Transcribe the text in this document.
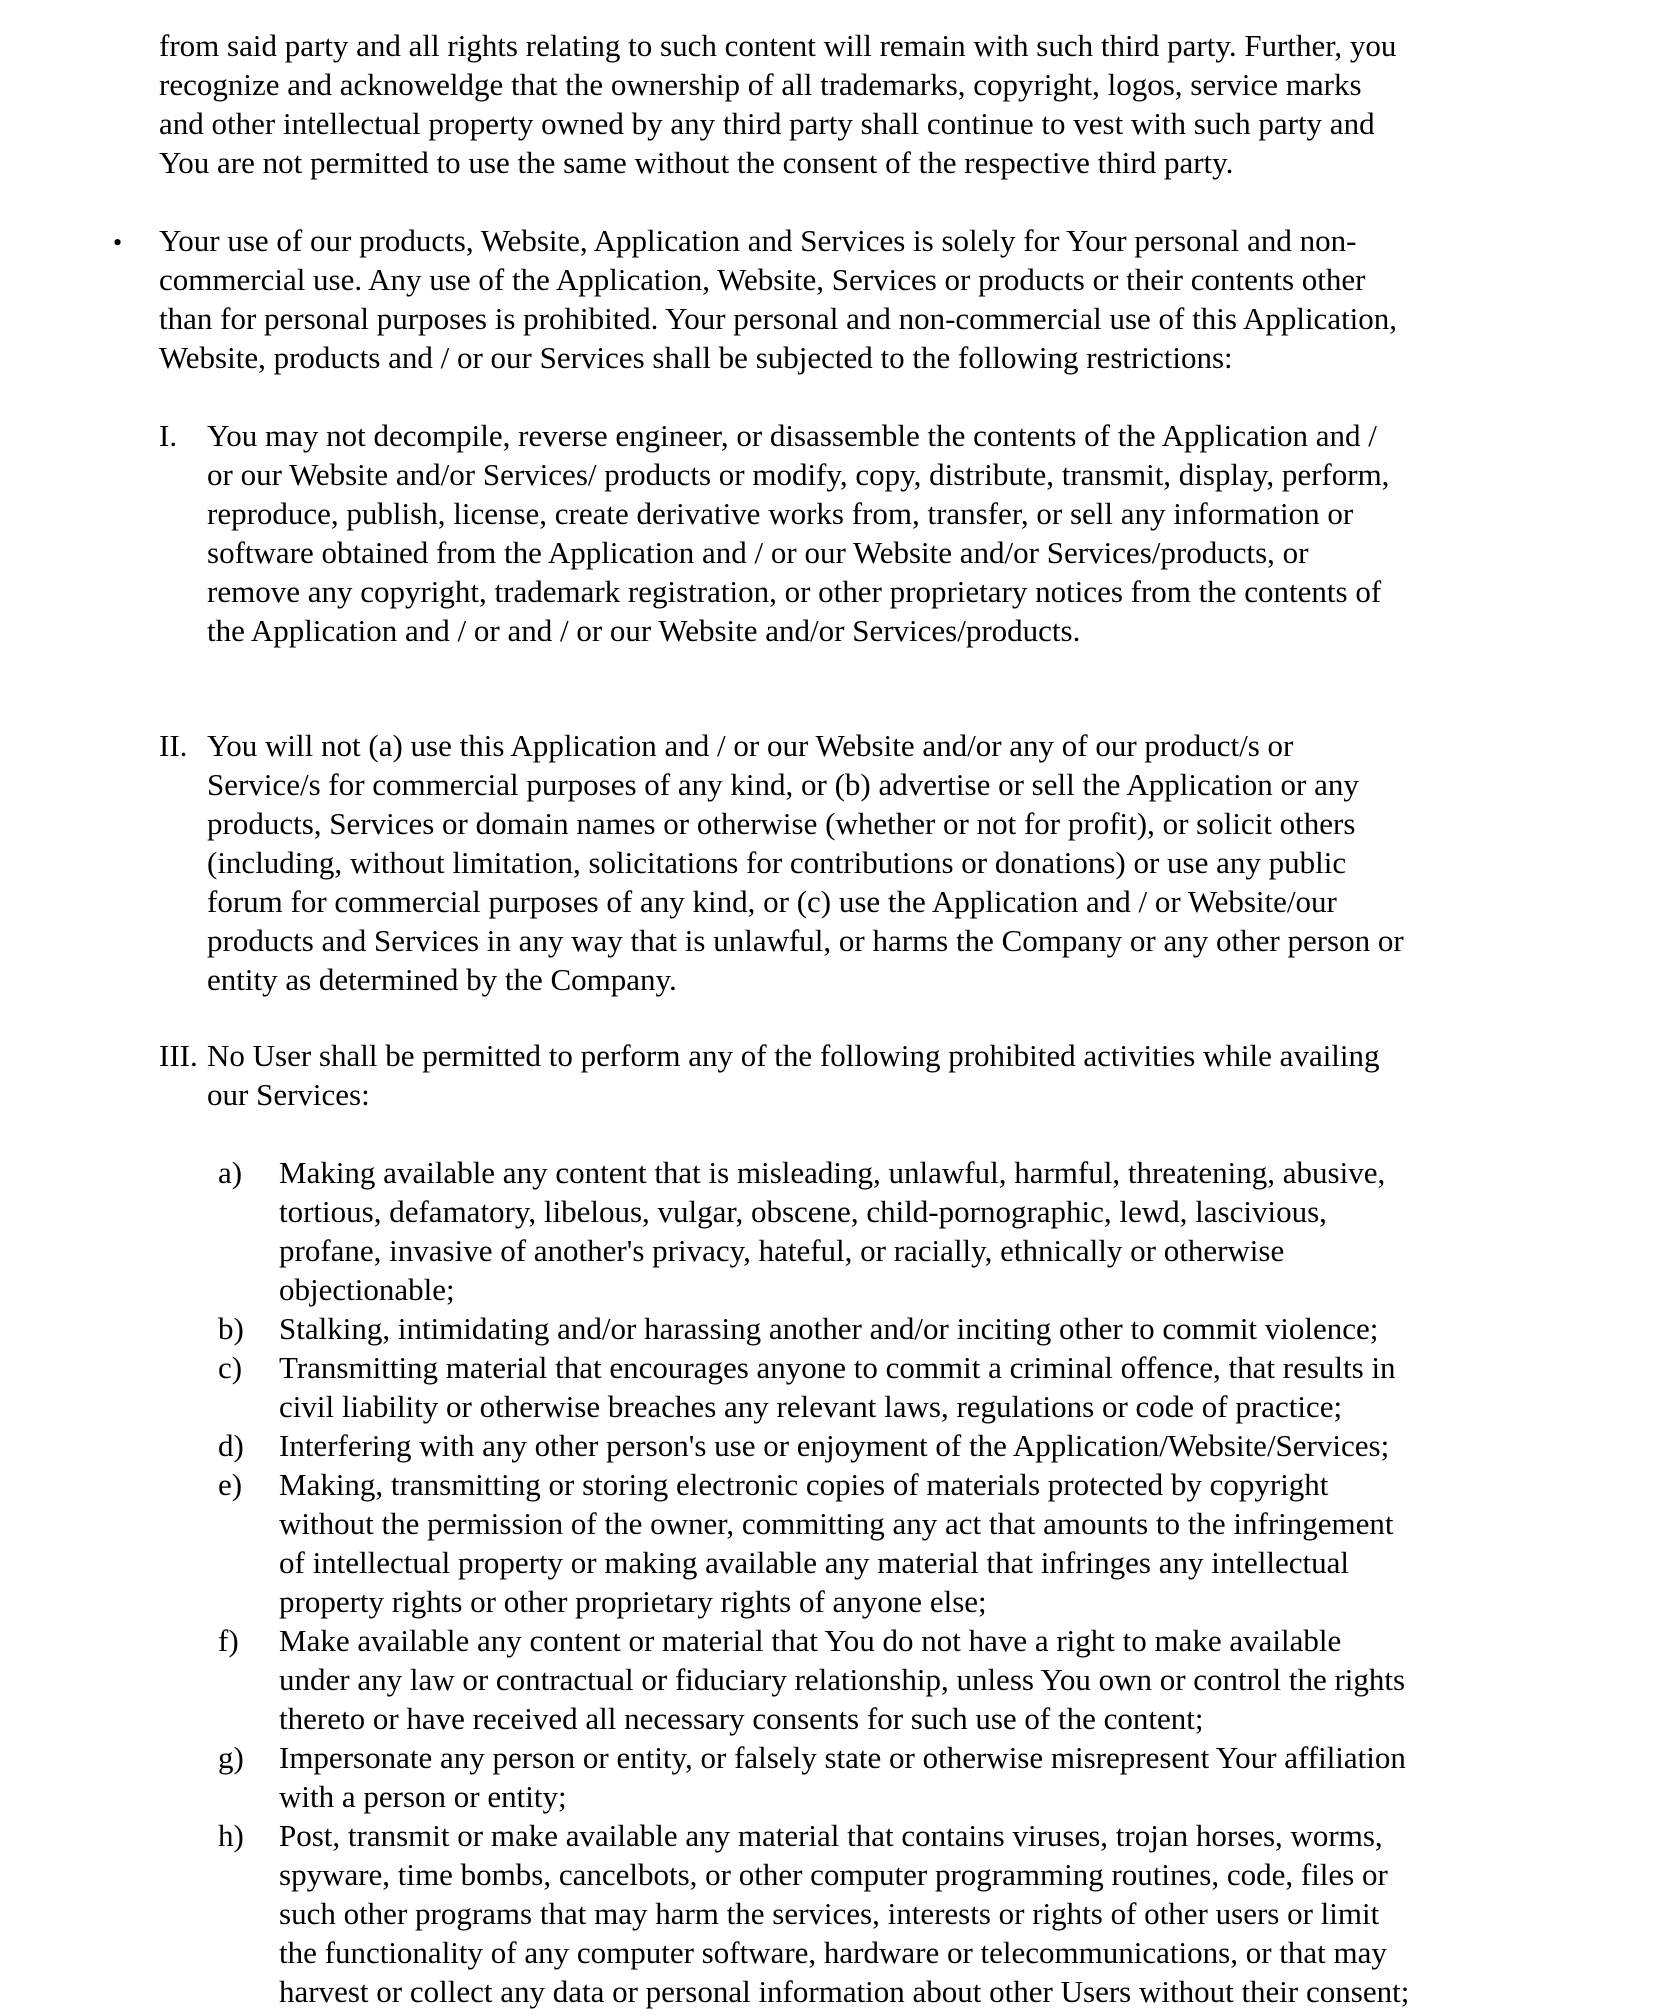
from said party and all rights relating to such content will remain with such third party. Further, you
recognize and acknoweldge that the ownership of all trademarks, copyright, logos, service marks
and other intellectual property owned by any third party shall continue to vest with such party and
You are not permitted to use the same without the consent of the respective third party.
• Your use of our products, Website, Application and Services is solely for Your personal and non-
commercial use. Any use of the Application, Website, Services or products or their contents other
than for personal purposes is prohibited. Your personal and non-commercial use of this Application,
Website, products and / or our Services shall be subjected to the following restrictions:
I. You may not decompile, reverse engineer, or disassemble the contents of the Application and /
or our Website and/or Services/ products or modify, copy, distribute, transmit, display, perform,
reproduce, publish, license, create derivative works from, transfer, or sell any information or
software obtained from the Application and / or our Website and/or Services/products, or
remove any copyright, trademark registration, or other proprietary notices from the contents of
the Application and / or and / or our Website and/or Services/products.
II. You will not (a) use this Application and / or our Website and/or any of our product/s or
Service/s for commercial purposes of any kind, or (b) advertise or sell the Application or any
products, Services or domain names or otherwise (whether or not for profit), or solicit others
(including, without limitation, solicitations for contributions or donations) or use any public
forum for commercial purposes of any kind, or (c) use the Application and / or Website/our
products and Services in any way that is unlawful, or harms the Company or any other person or
entity as determined by the Company.
III. No User shall be permitted to perform any of the following prohibited activities while availing
our Services:
a) Making available any content that is misleading, unlawful, harmful, threatening, abusive,
tortious, defamatory, libelous, vulgar, obscene, child-pornographic, lewd, lascivious,
profane, invasive of another's privacy, hateful, or racially, ethnically or otherwise
objectionable;
b) Stalking, intimidating and/or harassing another and/or inciting other to commit violence;
c) Transmitting material that encourages anyone to commit a criminal offence, that results in
civil liability or otherwise breaches any relevant laws, regulations or code of practice;
d) Interfering with any other person's use or enjoyment of the Application/Website/Services;
e) Making, transmitting or storing electronic copies of materials protected by copyright
without the permission of the owner, committing any act that amounts to the infringement
of intellectual property or making available any material that infringes any intellectual
property rights or other proprietary rights of anyone else;
f) Make available any content or material that You do not have a right to make available
under any law or contractual or fiduciary relationship, unless You own or control the rights
thereto or have received all necessary consents for such use of the content;
g) Impersonate any person or entity, or falsely state or otherwise misrepresent Your affiliation
with a person or entity;
h) Post, transmit or make available any material that contains viruses, trojan horses, worms,
spyware, time bombs, cancelbots, or other computer programming routines, code, files or
such other programs that may harm the services, interests or rights of other users or limit
the functionality of any computer software, hardware or telecommunications, or that may
harvest or collect any data or personal information about other Users without their consent;
